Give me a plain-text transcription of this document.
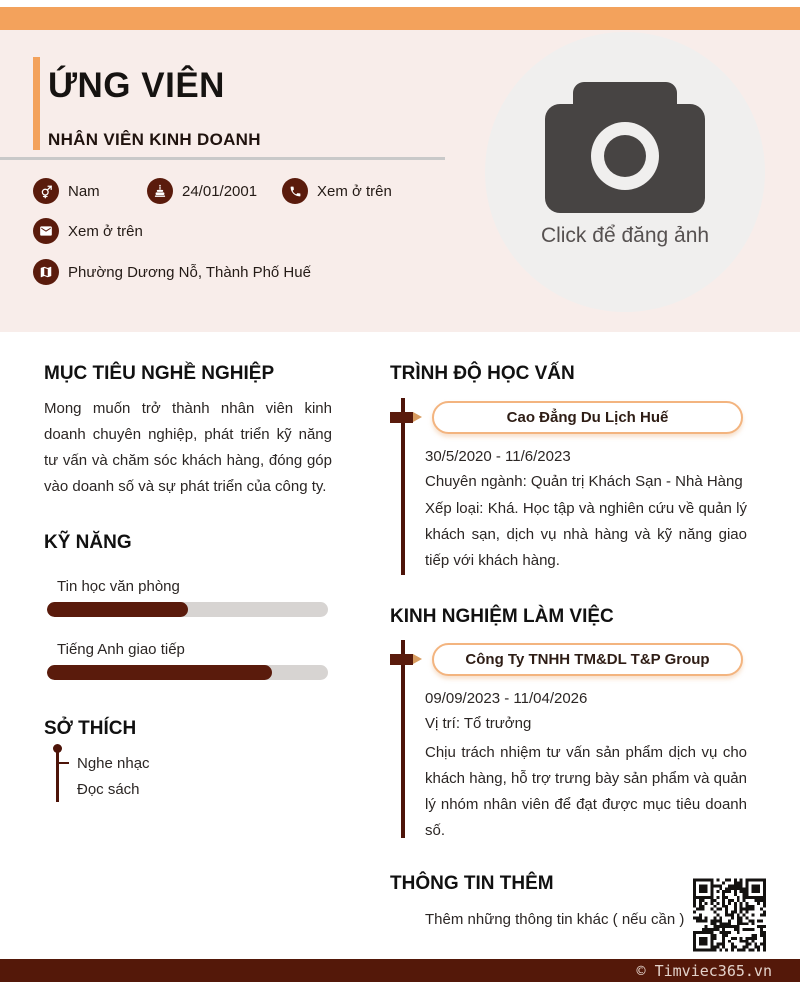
ỨNG VIÊN
NHÂN VIÊN KINH DOANH
Nam	24/01/2001	Xem ở trên
Xem ở trên
Phường Dương Nỗ, Thành Phố Huế
Click để đăng ảnh
MỤC TIÊU NGHỀ NGHIỆP
Mong muốn trở thành nhân viên kinh doanh chuyên nghiệp, phát triển kỹ năng tư vấn và chăm sóc khách hàng, đóng góp vào doanh số và sự phát triển của công ty.
KỸ NĂNG
Tin học văn phòng
Tiếng Anh giao tiếp
SỞ THÍCH
Nghe nhạc
Đọc sách
TRÌNH ĐỘ HỌC VẤN
Cao Đẳng Du Lịch Huế
30/5/2020 - 11/6/2023
Chuyên ngành: Quản trị Khách Sạn - Nhà Hàng
Xếp loại: Khá. Học tập và nghiên cứu về quản lý khách sạn, dịch vụ nhà hàng và kỹ năng giao tiếp với khách hàng.
KINH NGHIỆM LÀM VIỆC
Công Ty TNHH TM&DL T&P Group
09/09/2023 - 11/04/2026
Vị trí: Tổ trưởng
Chịu trách nhiệm tư vấn sản phẩm dịch vụ cho khách hàng, hỗ trợ trưng bày sản phẩm và quản lý nhóm nhân viên để đạt được mục tiêu doanh số.
THÔNG TIN THÊM
Thêm những thông tin khác ( nếu cần )
© Timviec365.vn
